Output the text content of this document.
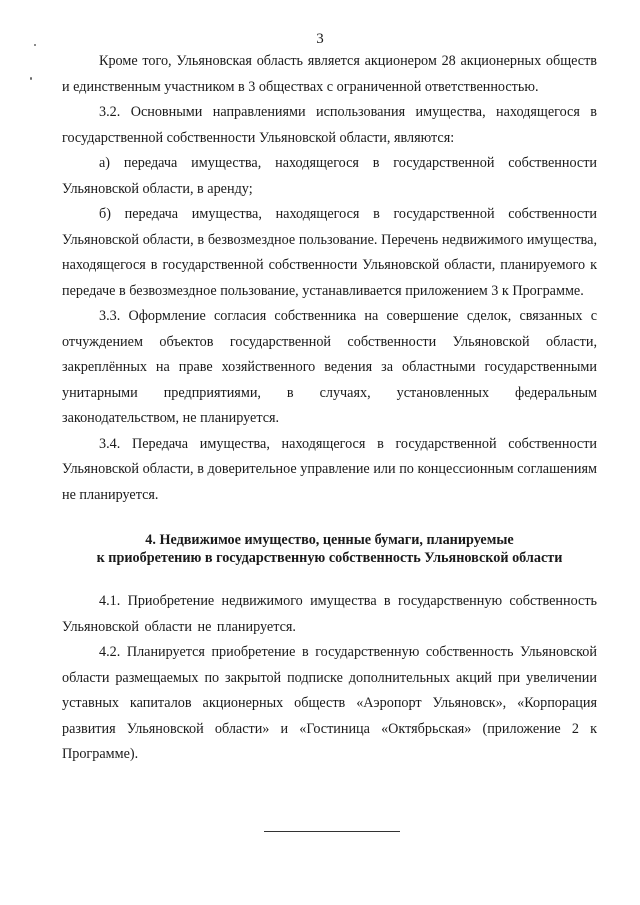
3

Кроме того, Ульяновская область является акционером 28 акционерных обществ и единственным участником в 3 обществах с ограниченной ответственностью.

3.2. Основными направлениями использования имущества, находящегося в государственной собственности Ульяновской области, являются:

а) передача имущества, находящегося в государственной собственности Ульяновской области, в аренду;

б) передача имущества, находящегося в государственной собственности Ульяновской области, в безвозмездное пользование. Перечень недвижимого имущества, находящегося в государственной собственности Ульяновской области, планируемого к передаче в безвозмездное пользование, устанавливается приложением 3 к Программе.

3.3. Оформление согласия собственника на совершение сделок, связанных с отчуждением объектов государственной собственности Ульяновской области, закреплённых на праве хозяйственного ведения за областными государственными унитарными предприятиями, в случаях, установленных федеральным законодательством, не планируется.

3.4. Передача имущества, находящегося в государственной собственности Ульяновской области, в доверительное управление или по концессионным соглашениям не планируется.

4. Недвижимое имущество, ценные бумаги, планируемые

к приобретению в государственную собственность Ульяновской области

4.1. Приобретение недвижимого имущества в государственную собственность Ульяновской области не планируется.

4.2. Планируется приобретение в государственную собственность Ульяновской области размещаемых по закрытой подписке дополнительных акций при увеличении уставных капиталов акционерных обществ «Аэропорт Ульяновск», «Корпорация развития Ульяновской области» и «Гостиница «Октябрьская» (приложение 2 к Программе).
